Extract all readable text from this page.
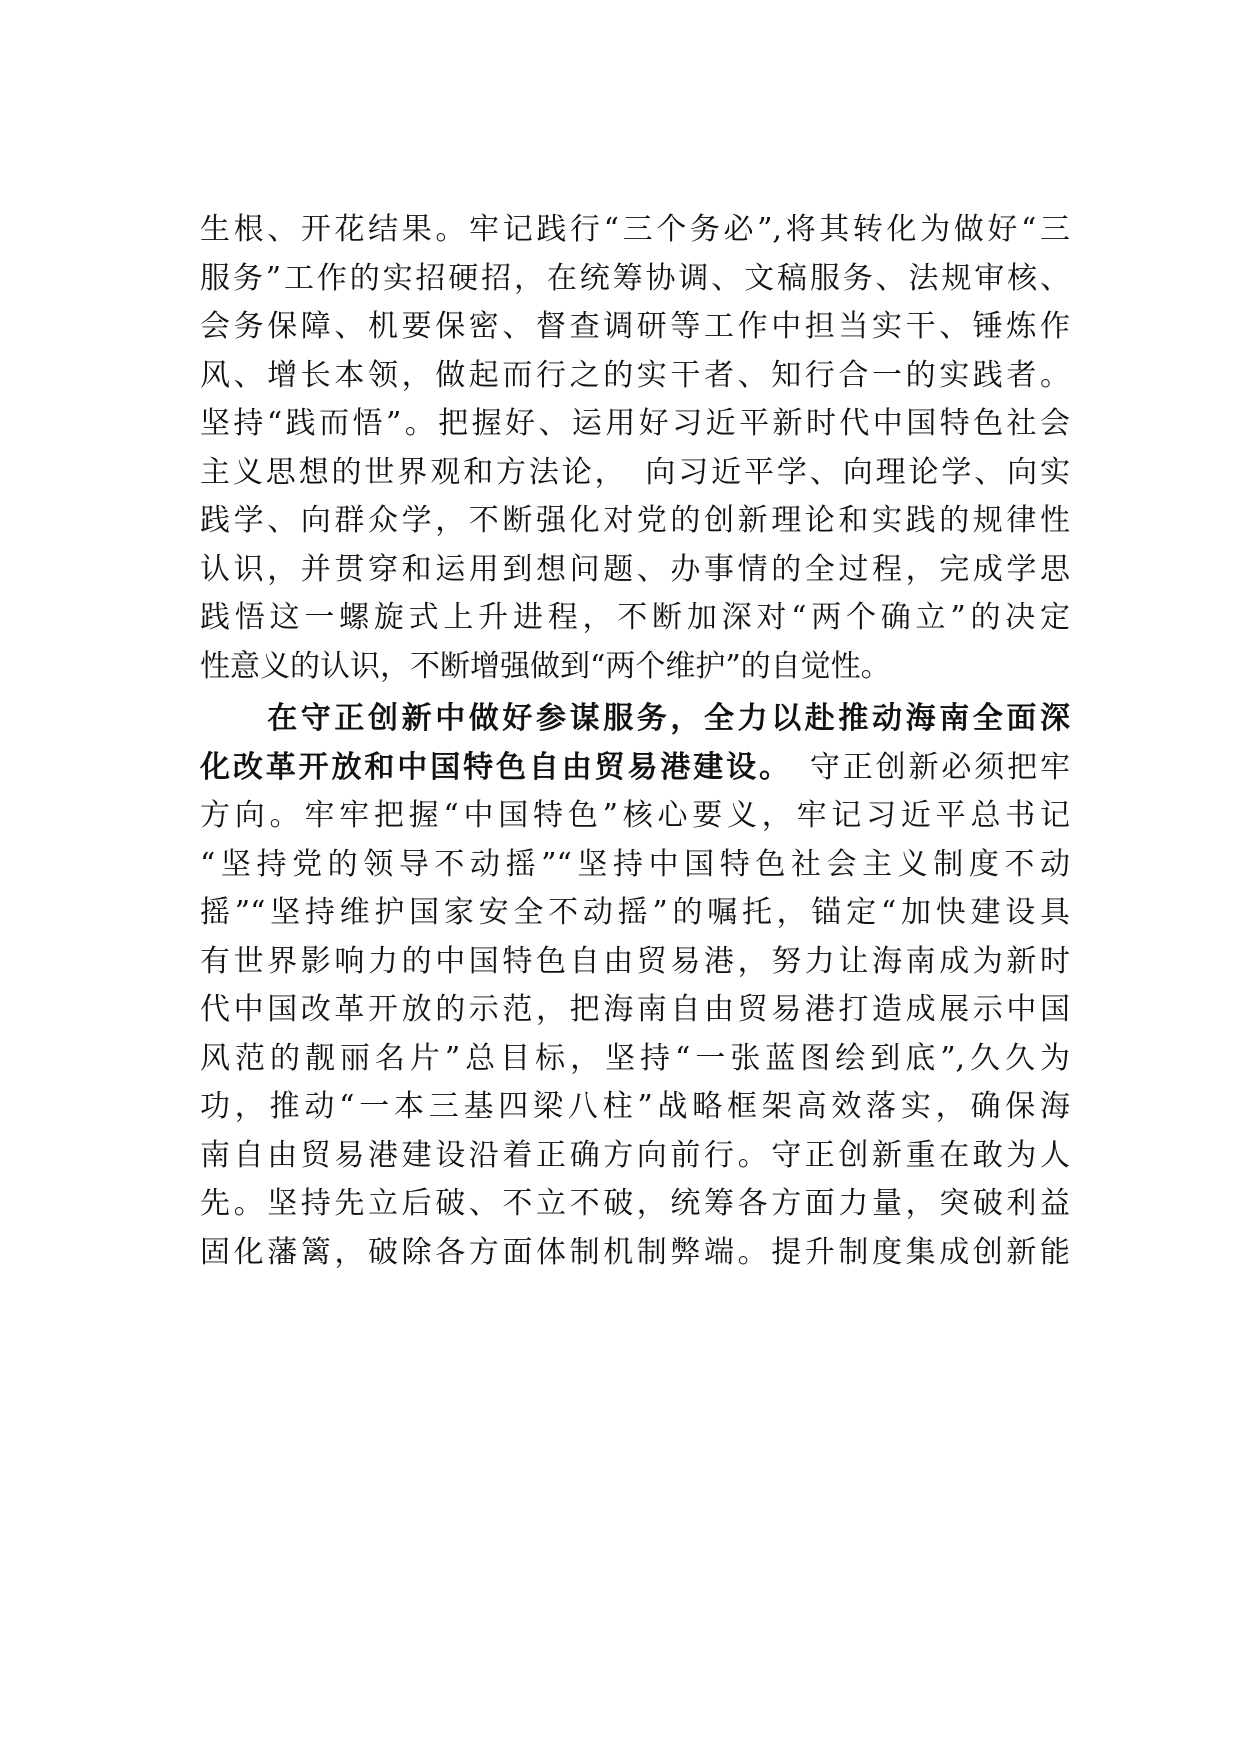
生根、开花结果。牢记践行“三个务必”,将其转化为做好“三
服务”工作的实招硬招，在统筹协调、文稿服务、法规审核、
会务保障、机要保密、督查调研等工作中担当实干、锤炼作
风、增长本领，做起而行之的实干者、知行合一的实践者。
坚持“践而悟”。把握好、运用好习近平新时代中国特色社会
主义思想的世界观和方法论，　向习近平学、向理论学、向实
践学、向群众学，不断强化对党的创新理论和实践的规律性
认识，并贯穿和运用到想问题、办事情的全过程，完成学思
践悟这一螺旋式上升进程，不断加深对“两个确立”的决定
性意义的认识，不断增强做到“两个维护”的自觉性。
　　在守正创新中做好参谋服务，全力以赴推动海南全面深
化改革开放和中国特色自由贸易港建设。　守正创新必须把牢
方向。牢牢把握“中国特色”核心要义，牢记习近平总书记
“坚持党的领导不动摇”“坚持中国特色社会主义制度不动
摇”“坚持维护国家安全不动摇”的嘱托，锚定“加快建设具
有世界影响力的中国特色自由贸易港，努力让海南成为新时
代中国改革开放的示范，把海南自由贸易港打造成展示中国
风范的靓丽名片”总目标，坚持“一张蓝图绘到底”,久久为
功，推动“一本三基四梁八柱”战略框架高效落实，确保海
南自由贸易港建设沿着正确方向前行。守正创新重在敢为人
先。坚持先立后破、不立不破，统筹各方面力量，突破利益
固化藩篱，破除各方面体制机制弊端。提升制度集成创新能
